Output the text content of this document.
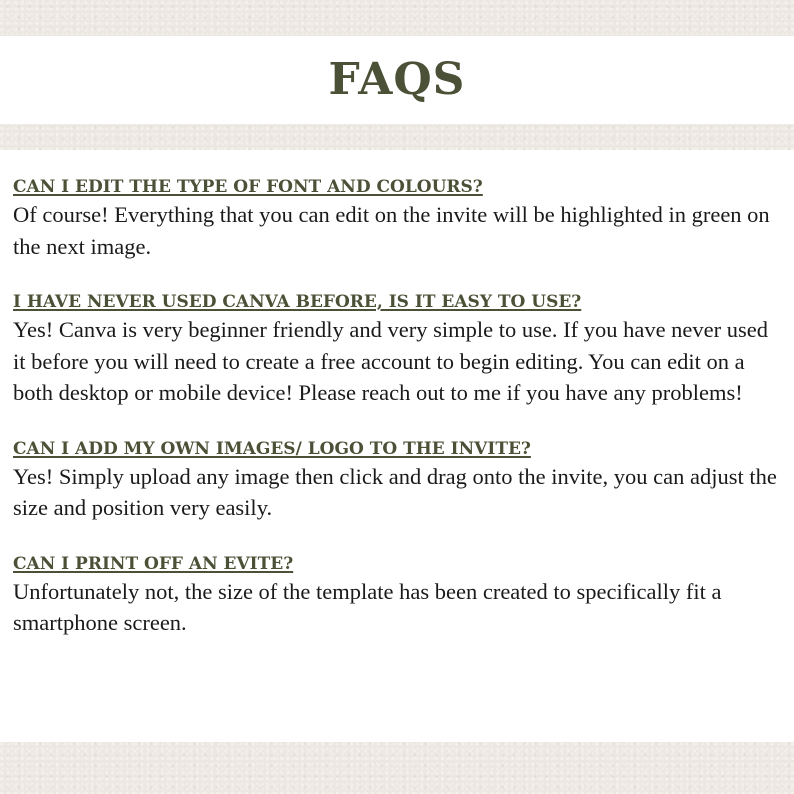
FAQS
CAN I EDIT THE TYPE OF FONT AND COLOURS?

Of course! Everything that you can edit on the invite will be highlighted in green on the next image.

I HAVE NEVER USED CANVA BEFORE, IS IT EASY TO USE?

Yes! Canva is very beginner friendly and very simple to use. If you have never used it before you will need to create a free account to begin editing. You can edit on a both desktop or mobile device! Please reach out to me if you have any problems!

CAN I ADD MY OWN IMAGES/ LOGO TO THE INVITE?

Yes! Simply upload any image then click and drag onto the invite, you can adjust the size and position very easily.

CAN I PRINT OFF AN EVITE?

Unfortunately not, the size of the template has been created to specifically fit a smartphone screen.
